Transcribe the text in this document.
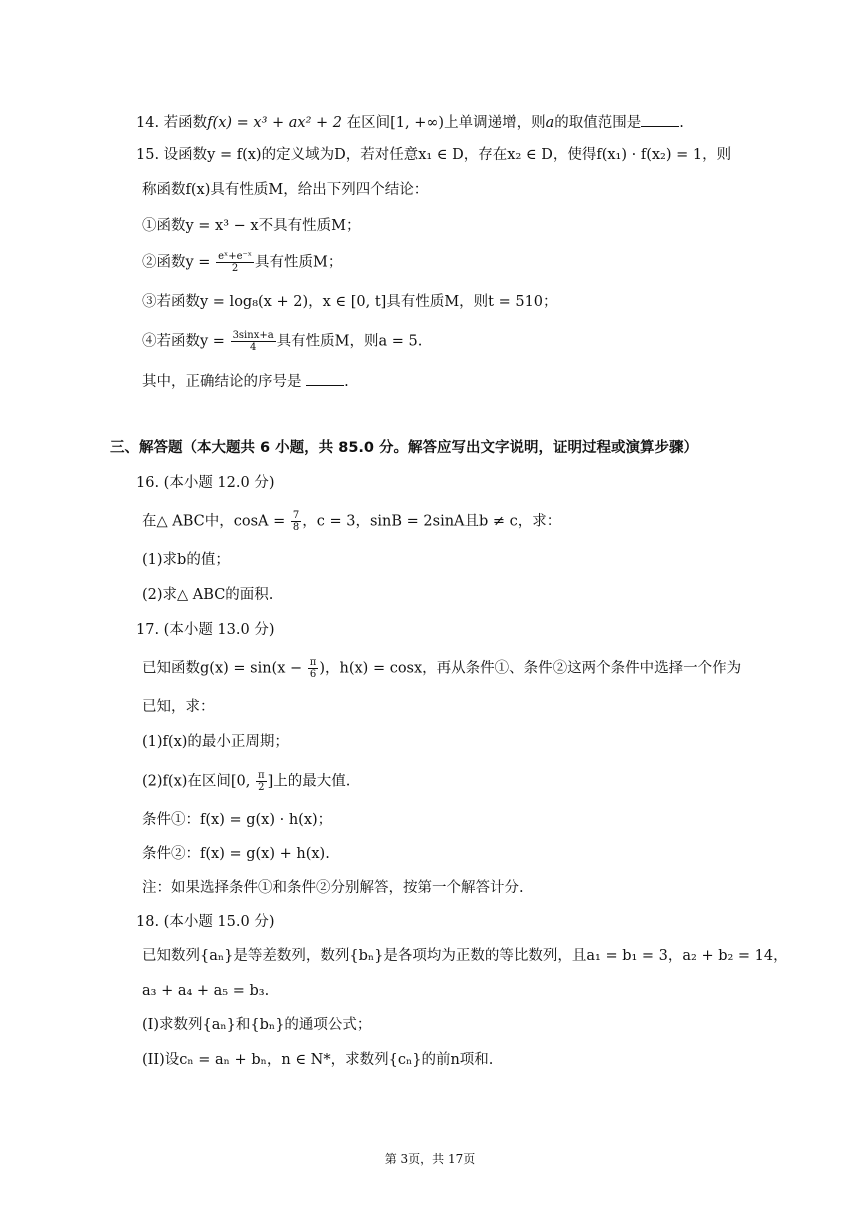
14. 若函数f(x) = x³ + ax² + 2 在区间[1, +∞)上单调递增，则a的取值范围是	.
15. 设函数y = f(x)的定义域为D，若对任意x₁ ∈ D，存在x₂ ∈ D，使得f(x₁) · f(x₂) = 1，则
称函数f(x)具有性质M，给出下列四个结论：
①函数y = x³ − x不具有性质M；
②函数$y = \frac{\text{eˣ+e⁻ˣ}}{2}$ 具有性质M；
③若函数y = log₈(x + 2)，x ∈ [0, t]具有性质M，则t = 510；
④若函数$y = \frac{3\sin x+a}{4}$ 具有性质M，则a = 5.
其中，正确结论的序号是	.
三、解答题（本大题共 6 小题，共 85.0 分。解答应写出文字说明，证明过程或演算步骤）
16. (本小题 12.0 分)
在△ ABC中，$\cos A = \frac{7}{8}$ ，c = 3，sinB = 2sinA且b ≠ c，求：
(1)求b的值；
(2)求△ ABC的面积.
17. (本小题 13.0 分)
已知函数$g(x) = \sin(x - \frac{\pi}{6}$ )，h(x) = cosx，再从条件①、条件②这两个条件中选择一个作为
已知，求：
(1)f(x)的最小正周期；
(2)f(x)在区间[0, $\frac{\pi}{2}$ ]上的最大值.
条件①：f(x) = g(x) · h(x)；
条件②：f(x) = g(x) + h(x).
注：如果选择条件①和条件②分别解答，按第一个解答计分.
18. (本小题 15.0 分)
已知数列{aₙ}是等差数列，数列{bₙ}是各项均为正数的等比数列，且a₁ = b₁ = 3，a₂ + b₂ = 14，
a₃ + a₄ + a₅ = b₃.
(I)求数列{aₙ}和{bₙ}的通项公式；
(II)设cₙ = aₙ + bₙ，n ∈ N*，求数列{cₙ}的前n项和.
第 3页，共 17页
